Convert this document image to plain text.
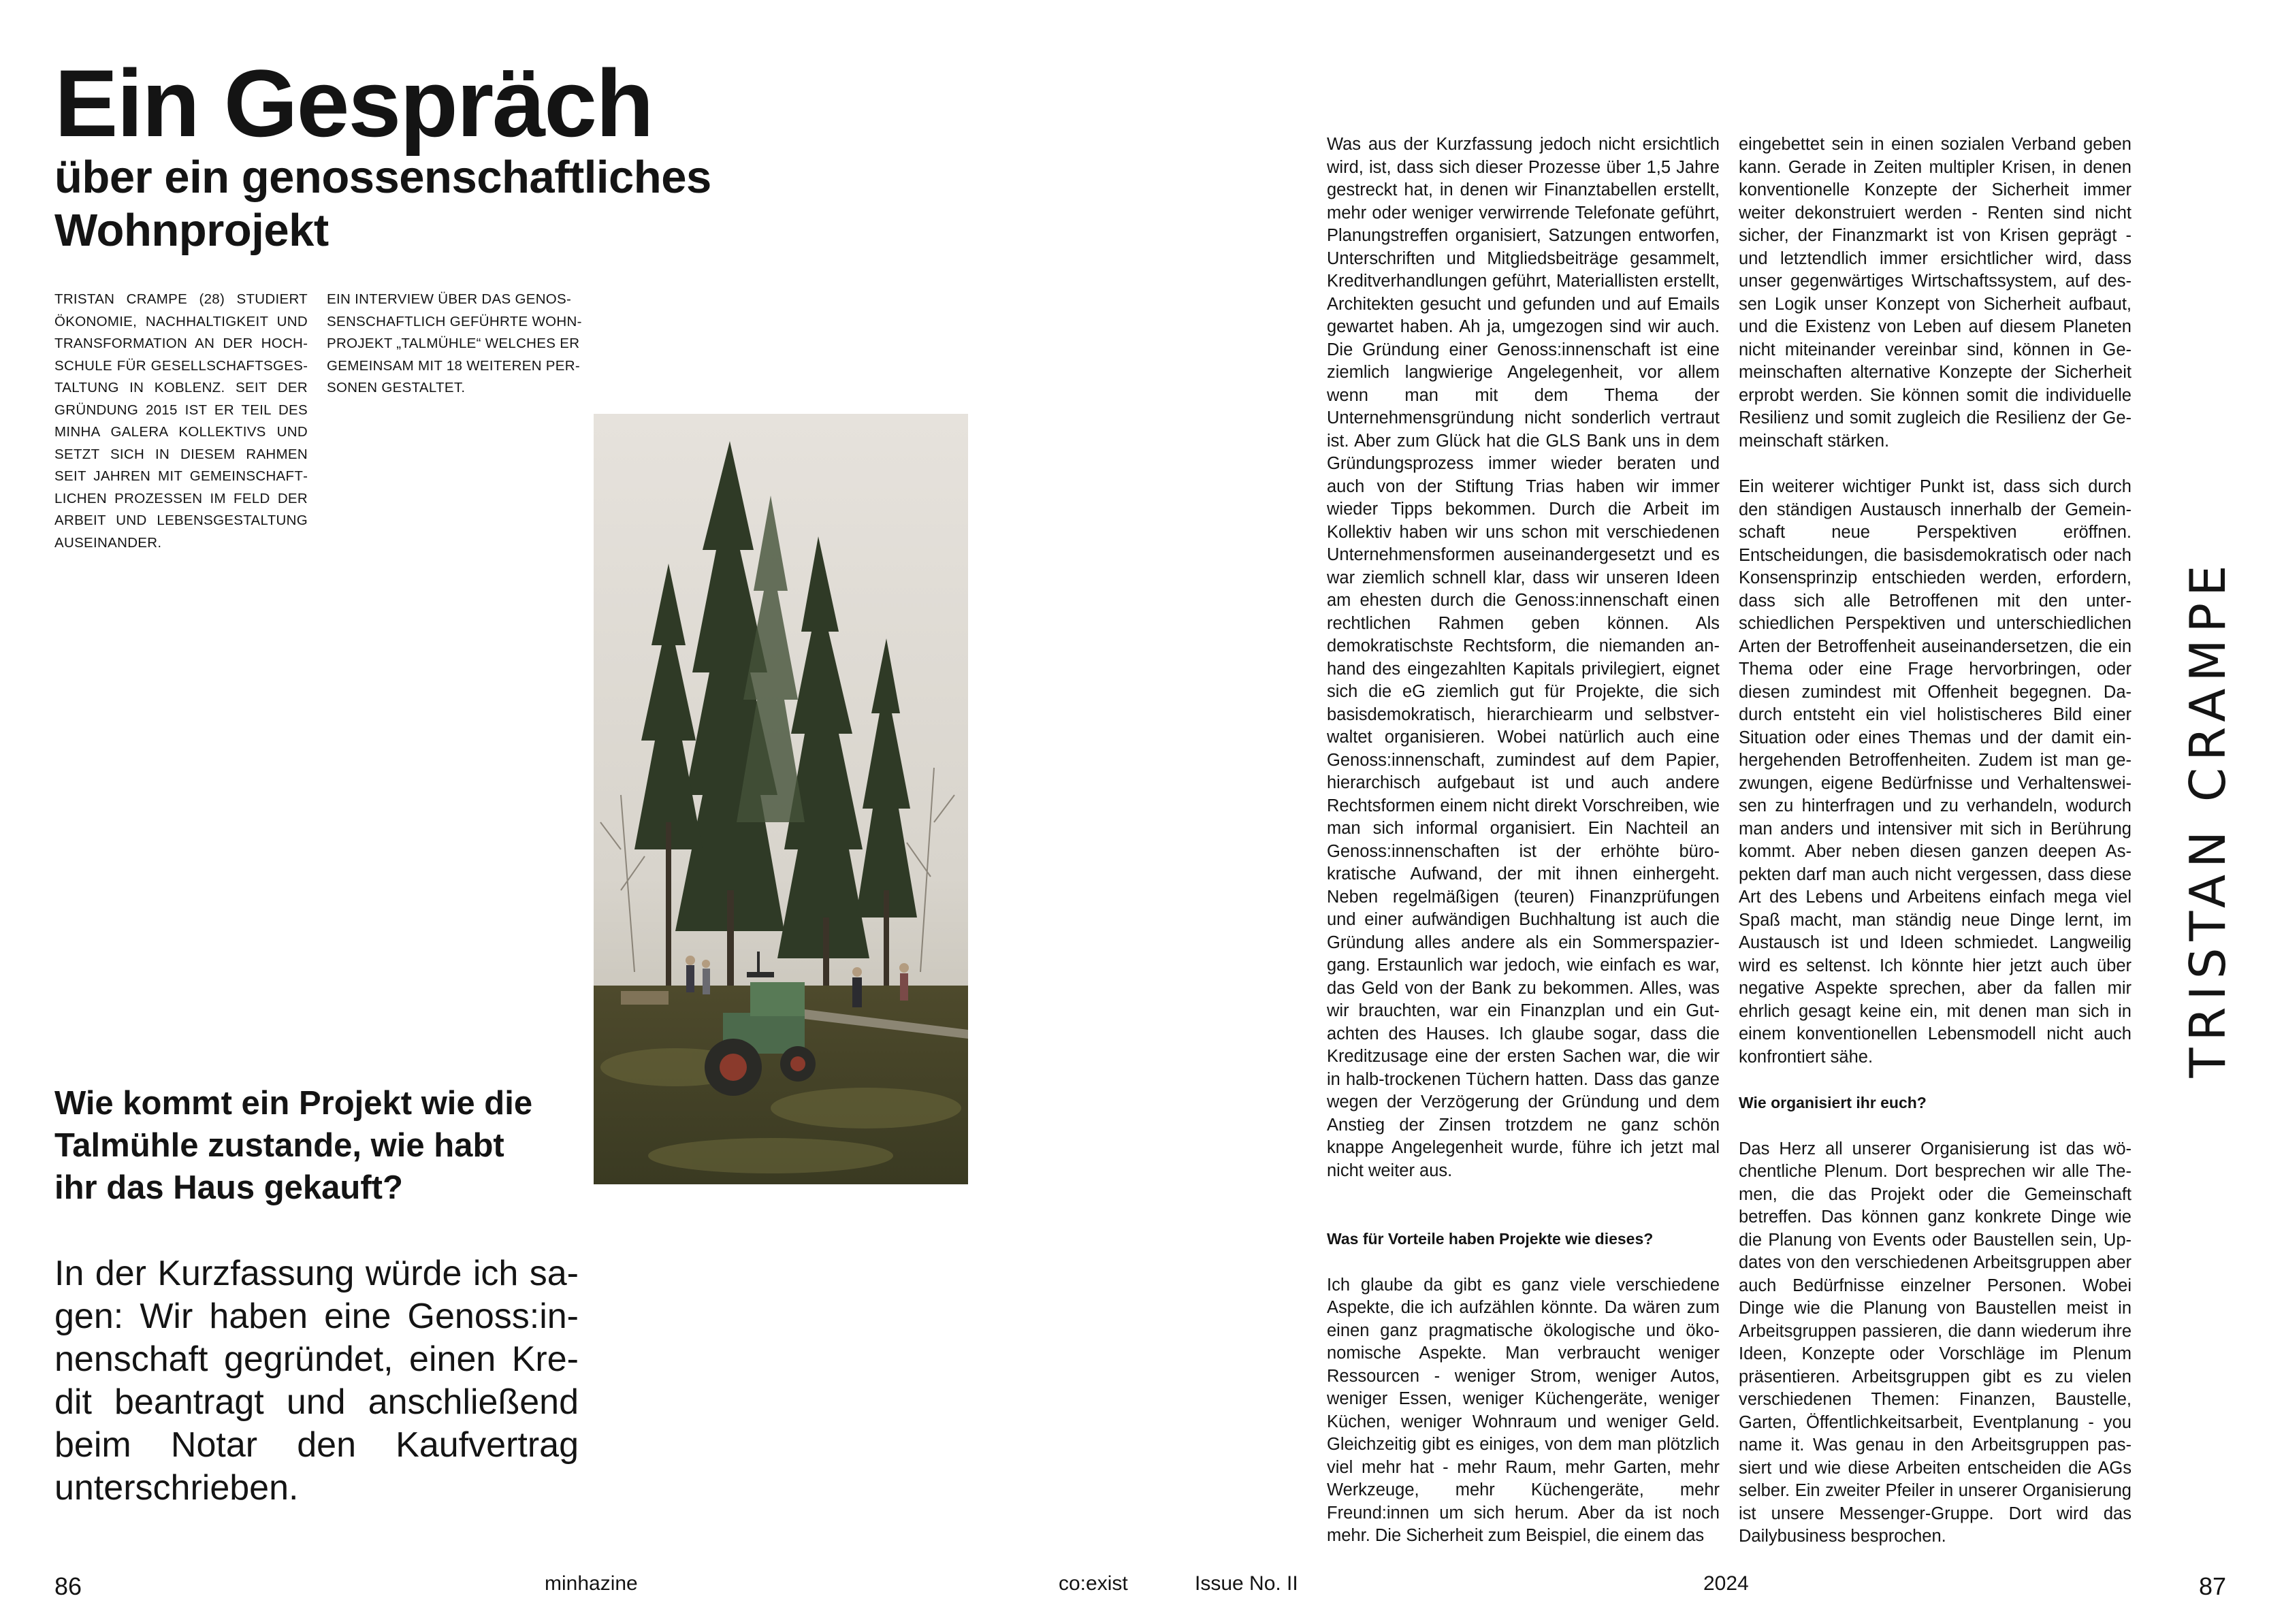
Ein Gespräch
über ein genossenschaftliches Wohnprojekt

TRISTAN CRAMPE (28) STUDIERT ÖKONOMIE, NACHHALTIGKEIT UND TRANSFORMATION AN DER HOCHSCHULE FÜR GESELLSCHAFTSGESTALTUNG IN KOBLENZ. SEIT DER GRÜNDUNG 2015 IST ER TEIL DES MINHA GALERA KOLLEKTIVS UND SETZT SICH IN DIESEM RAHMEN SEIT JAHREN MIT GEMEINSCHAFTLICHEN PROZESSEN IM FELD DER ARBEIT UND LEBENSGESTALTUNG AUSEINANDER.

EIN INTERVIEW ÜBER DAS GENOSSENSCHAFTLICH GEFÜHRTE WOHNPROJEKT „TALMÜHLE“ WELCHES ER GEMEINSAM MIT 18 WEITEREN PERSONEN GESTALTET.

Wie kommt ein Projekt wie die Talmühle zustande, wie habt ihr das Haus gekauft?

In der Kurzfassung würde ich sagen: Wir haben eine Genoss:innenschaft gegründet, einen Kredit beantragt und anschließend beim Notar den Kaufvertrag unterschrieben.

86	minhazine	co:exist

Was aus der Kurzfassung jedoch nicht ersichtlich wird, ist, dass sich dieser Prozesse über 1,5 Jahre gestreckt hat, in denen wir Finanztabellen erstellt, mehr oder weniger verwirrende Telefonate geführt, Planungstreffen organisiert, Satzungen entworfen, Unterschriften und Mitgliedsbeiträge gesammelt, Kreditverhandlungen geführt, Materiallisten erstellt, Architekten gesucht und gefunden und auf Emails gewartet haben. Ah ja, umgezogen sind wir auch. Die Gründung einer Genoss:innenschaft ist eine ziemlich langwierige Angelegenheit, vor allem wenn man mit dem Thema der Unternehmensgründung nicht sonderlich vertraut ist. Aber zum Glück hat die GLS Bank uns in dem Gründungsprozess immer wieder beraten und auch von der Stiftung Trias haben wir immer wieder Tipps bekommen. Durch die Arbeit im Kollektiv haben wir uns schon mit verschiedenen Unternehmensformen auseinandergesetzt und es war ziemlich schnell klar, dass wir unseren Ideen am ehesten durch die Genoss:innenschaft einen rechtlichen Rahmen geben können. Als demokratischste Rechtsform, die niemanden anhand des eingezahlten Kapitals privilegiert, eignet sich die eG ziemlich gut für Projekte, die sich basisdemokratisch, hierarchiearm und selbstverwaltet organisieren. Wobei natürlich auch eine Genoss:innenschaft, zumindest auf dem Papier, hierarchisch aufgebaut ist und auch andere Rechtsformen einem nicht direkt Vorschreiben, wie man sich informal organisiert. Ein Nachteil an Genoss:innenschaften ist der erhöhte bürokratische Aufwand, der mit ihnen einhergeht. Neben regelmäßigen (teuren) Finanzprüfungen und einer aufwändigen Buchhaltung ist auch die Gründung alles andere als ein Sommerspaziergang. Erstaunlich war jedoch, wie einfach es war, das Geld von der Bank zu bekommen. Alles, was wir brauchten, war ein Finanzplan und ein Gutachten des Hauses. Ich glaube sogar, dass die Kreditzusage eine der ersten Sachen war, die wir in halb-trockenen Tüchern hatten. Dass das ganze wegen der Verzögerung der Gründung und dem Anstieg der Zinsen trotzdem ne ganz schön knappe Angelegenheit wurde, führe ich jetzt mal nicht weiter aus.

Was für Vorteile haben Projekte wie dieses?

Ich glaube da gibt es ganz viele verschiedene Aspekte, die ich aufzählen könnte. Da wären zum einen ganz pragmatische ökologische und ökonomische Aspekte. Man verbraucht weniger Ressourcen - weniger Strom, weniger Autos, weniger Essen, weniger Küchengeräte, weniger Küchen, weniger Wohnraum und weniger Geld. Gleichzeitig gibt es einiges, von dem man plötzlich viel mehr hat - mehr Raum, mehr Garten, mehr Werkzeuge, mehr Küchengeräte, mehr Freund:innen um sich herum. Aber da ist noch mehr. Die Sicherheit zum Beispiel, die einem das

eingebettet sein in einen sozialen Verband geben kann. Gerade in Zeiten multipler Krisen, in denen konventionelle Konzepte der Sicherheit immer weiter dekonstruiert werden - Renten sind nicht sicher, der Finanzmarkt ist von Krisen geprägt - und letztendlich immer ersichtlicher wird, dass unser gegenwärtiges Wirtschaftssystem, auf dessen Logik unser Konzept von Sicherheit aufbaut, und die Existenz von Leben auf diesem Planeten nicht miteinander vereinbar sind, können in Gemeinschaften alternative Konzepte der Sicherheit erprobt werden. Sie können somit die individuelle Resilienz und somit zugleich die Resilienz der Gemeinschaft stärken.

Ein weiterer wichtiger Punkt ist, dass sich durch den ständigen Austausch innerhalb der Gemeinschaft neue Perspektiven eröffnen. Entscheidungen, die basisdemokratisch oder nach Konsensprinzip entschieden werden, erfordern, dass sich alle Betroffenen mit den unterschiedlichen Perspektiven und unterschiedlichen Arten der Betroffenheit auseinandersetzen, die ein Thema oder eine Frage hervorbringen, oder diesen zumindest mit Offenheit begegnen. Dadurch entsteht ein viel holistischeres Bild einer Situation oder eines Themas und der damit einhergehenden Betroffenheiten. Zudem ist man gezwungen, eigene Bedürfnisse und Verhaltensweisen zu hinterfragen und zu verhandeln, wodurch man anders und intensiver mit sich in Berührung kommt. Aber neben diesen ganzen deepen Aspekten darf man auch nicht vergessen, dass diese Art des Lebens und Arbeitens einfach mega viel Spaß macht, man ständig neue Dinge lernt, im Austausch ist und Ideen schmiedet. Langweilig wird es seltenst. Ich könnte hier jetzt auch über negative Aspekte sprechen, aber da fallen mir ehrlich gesagt keine ein, mit denen man sich in einem konventionellen Lebensmodell nicht auch konfrontiert sähe.

Wie organisiert ihr euch?

Das Herz all unserer Organisierung ist das wöchentliche Plenum. Dort besprechen wir alle Themen, die das Projekt oder die Gemeinschaft betreffen. Das können ganz konkrete Dinge wie die Planung von Events oder Baustellen sein, Updates von den verschiedenen Arbeitsgruppen aber auch Bedürfnisse einzelner Personen. Wobei Dinge wie die Planung von Baustellen meist in Arbeitsgruppen passieren, die dann wiederum ihre Ideen, Konzepte oder Vorschläge im Plenum präsentieren. Arbeitsgruppen gibt es zu vielen verschiedenen Themen: Finanzen, Baustelle, Garten, Öffentlichkeitsarbeit, Eventplanung - you name it. Was genau in den Arbeitsgruppen passiert und wie diese Arbeiten entscheiden die AGs selber. Ein zweiter Pfeiler in unserer Organisierung ist unsere Messenger-Gruppe. Dort wird das Dailybusiness besprochen.

TRISTAN CRAMPE
Issue No. II	2024	87
